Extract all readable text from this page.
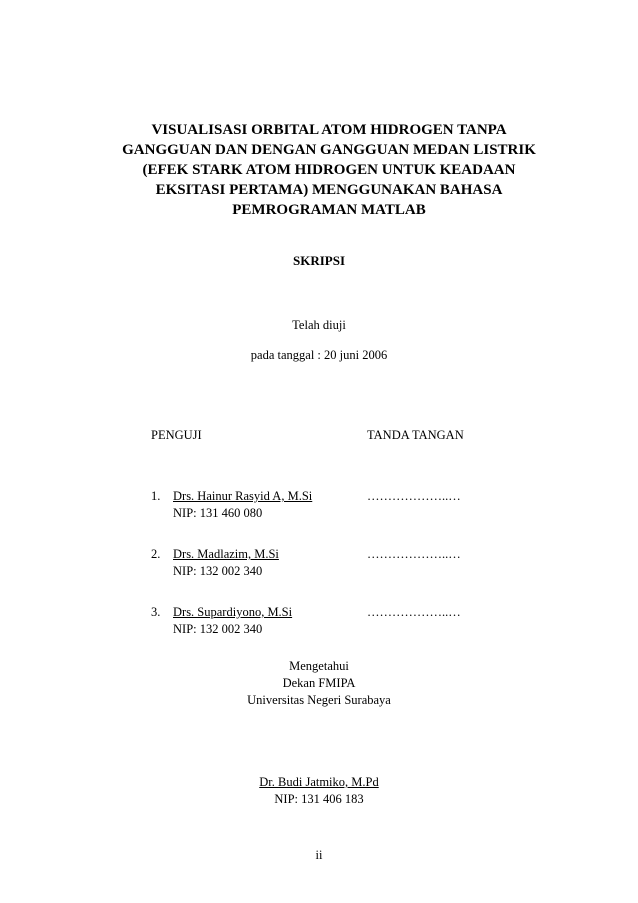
VISUALISASI ORBITAL ATOM HIDROGEN TANPA
GANGGUAN DAN DENGAN GANGGUAN MEDAN LISTRIK
(EFEK STARK ATOM HIDROGEN UNTUK KEADAAN
EKSITASI PERTAMA) MENGGUNAKAN BAHASA
PEMROGRAMAN MATLAB
SKRIPSI
Telah diuji
pada tanggal : 20 juni 2006
PENGUJI	TANDA TANGAN
1. Drs. Hainur Rasyid A, M.Si	………………..…
NIP: 131 460 080
2. Drs. Madlazim, M.Si	………………..…
NIP: 132 002 340
3. Drs. Supardiyono, M.Si	………………..…
NIP: 132 002 340
Mengetahui
Dekan FMIPA
Universitas Negeri Surabaya
Dr. Budi Jatmiko, M.Pd
NIP: 131 406 183
ii
